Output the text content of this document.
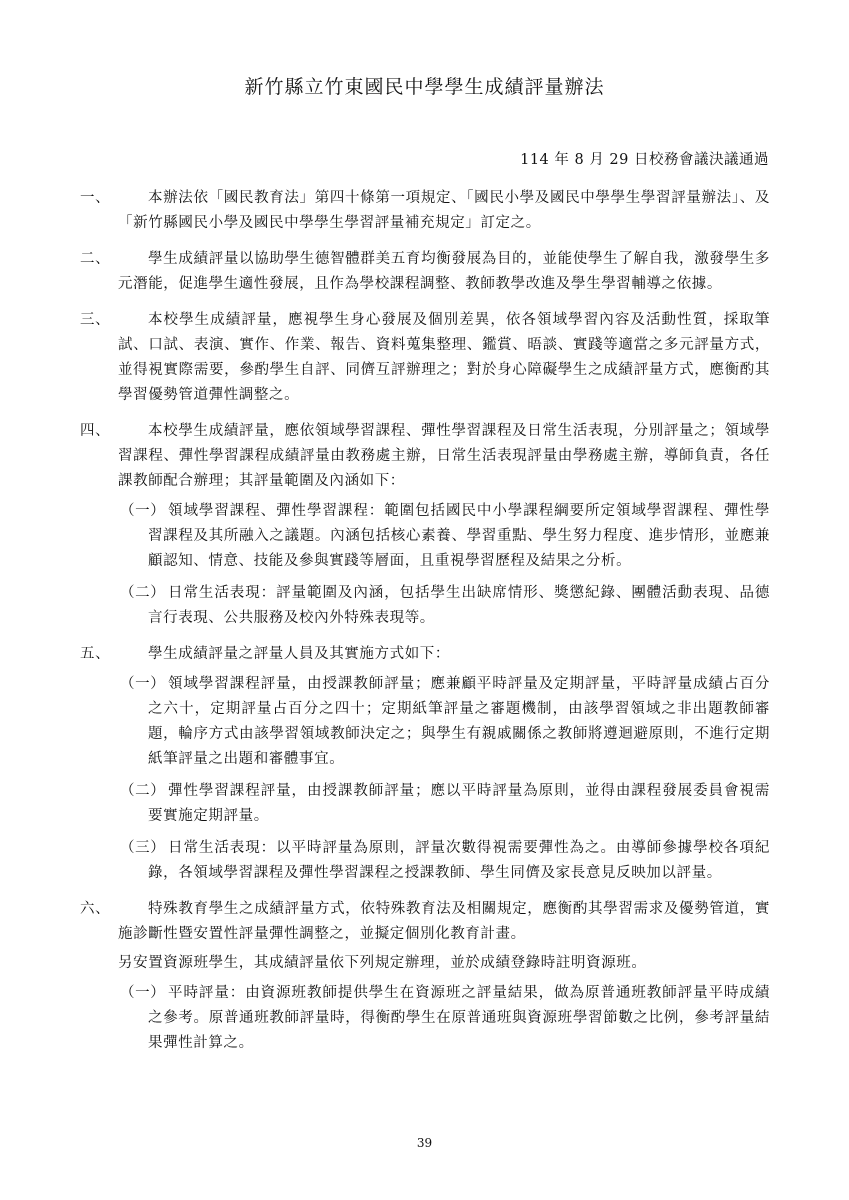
新竹縣立竹東國民中學學生成績評量辦法
114 年 8 月 29 日校務會議決議通過
一、	本辦法依「國民教育法」第四十條第一項規定、「國民小學及國民中學學生學習評量辦法」、及「新竹縣國民小學及國民中學學生學習評量補充規定」訂定之。
二、	學生成績評量以協助學生德智體群美五育均衡發展為目的，並能使學生了解自我，激發學生多元潛能，促進學生適性發展，且作為學校課程調整、教師教學改進及學生學習輔導之依據。
三、	本校學生成績評量，應視學生身心發展及個別差異，依各領域學習內容及活動性質，採取筆試、口試、表演、實作、作業、報告、資料蒐集整理、鑑賞、晤談、實踐等適當之多元評量方式，並得視實際需要，參酌學生自評、同儕互評辦理之；對於身心障礙學生之成績評量方式，應衡酌其學習優勢管道彈性調整之。
四、	本校學生成績評量，應依領域學習課程、彈性學習課程及日常生活表現，分別評量之；領域學習課程、彈性學習課程成績評量由教務處主辦，日常生活表現評量由學務處主辦，導師負責，各任課教師配合辦理；其評量範圍及內涵如下：
（一） 領域學習課程、彈性學習課程：範圍包括國民中小學課程綱要所定領域學習課程、彈性學習課程及其所融入之議題。內涵包括核心素養、學習重點、學生努力程度、進步情形，並應兼顧認知、情意、技能及參與實踐等層面，且重視學習歷程及結果之分析。
（二） 日常生活表現：評量範圍及內涵，包括學生出缺席情形、獎懲紀錄、團體活動表現、品德言行表現、公共服務及校內外特殊表現等。
五、	學生成績評量之評量人員及其實施方式如下：
（一） 領域學習課程評量，由授課教師評量；應兼顧平時評量及定期評量，平時評量成績占百分之六十，定期評量占百分之四十；定期紙筆評量之審題機制，由該學習領域之非出題教師審題，輪序方式由該學習領域教師決定之；與學生有親戚關係之教師將遵迴避原則，不進行定期紙筆評量之出題和審體事宜。
（二） 彈性學習課程評量，由授課教師評量；應以平時評量為原則，並得由課程發展委員會視需要實施定期評量。
（三） 日常生活表現：以平時評量為原則，評量次數得視需要彈性為之。由導師參據學校各項紀錄，各領域學習課程及彈性學習課程之授課教師、學生同儕及家長意見反映加以評量。
六、	特殊教育學生之成績評量方式，依特殊教育法及相關規定，應衡酌其學習需求及優勢管道，實施診斷性暨安置性評量彈性調整之，並擬定個別化教育計畫。
另安置資源班學生，其成績評量依下列規定辦理，並於成績登錄時註明資源班。
（一） 平時評量：由資源班教師提供學生在資源班之評量結果，做為原普通班教師評量平時成績之參考。原普通班教師評量時，得衡酌學生在原普通班與資源班學習節數之比例，參考評量結果彈性計算之。
39
